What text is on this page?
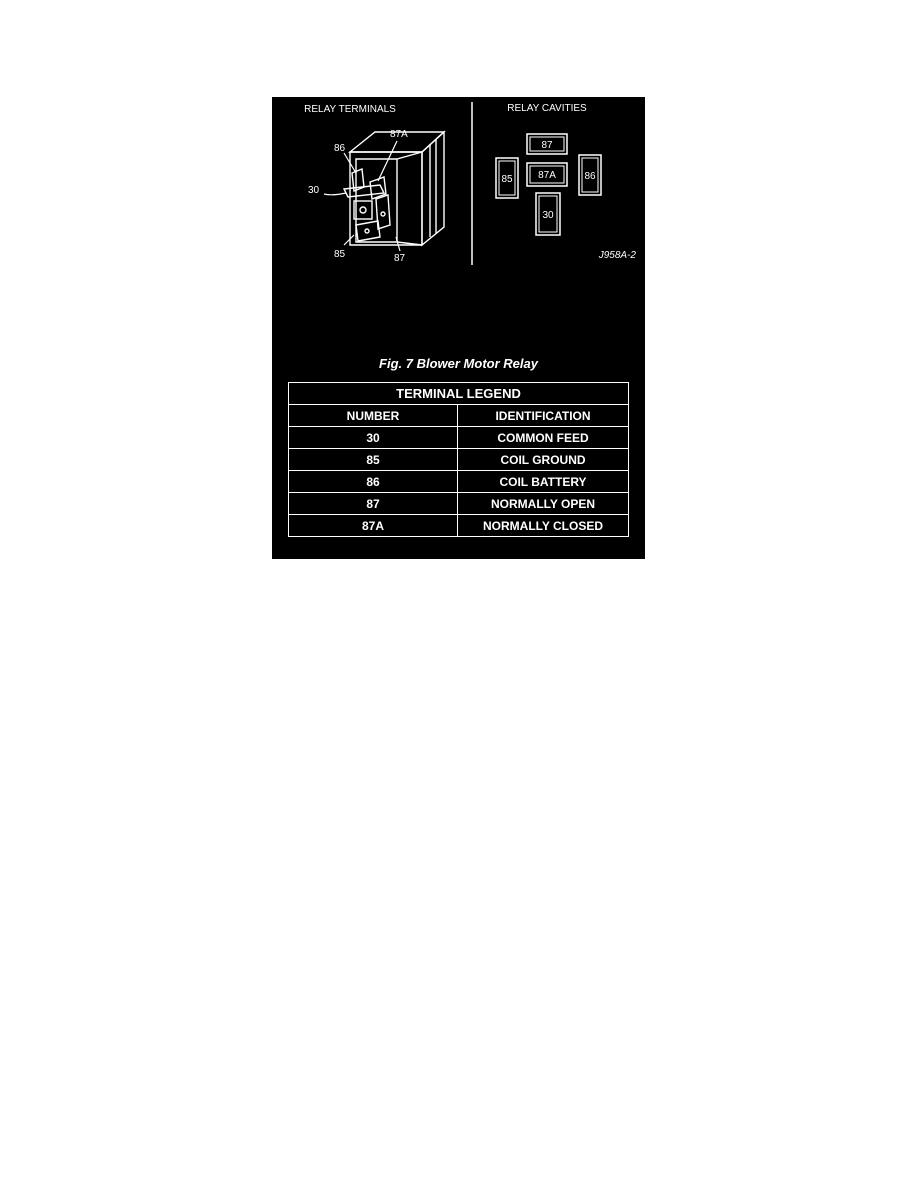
RELAY TERMINALS	RELAY CAVITIES
86
87A
30
85	87
87
87A
85	86
30
J958A-2
Fig. 7 Blower Motor Relay
TERMINAL LEGEND	
NUMBER	IDENTIFICATION
30	COMMON FEED
85	COIL GROUND
86	COIL BATTERY
87	NORMALLY OPEN
87A	NORMALLY CLOSED
